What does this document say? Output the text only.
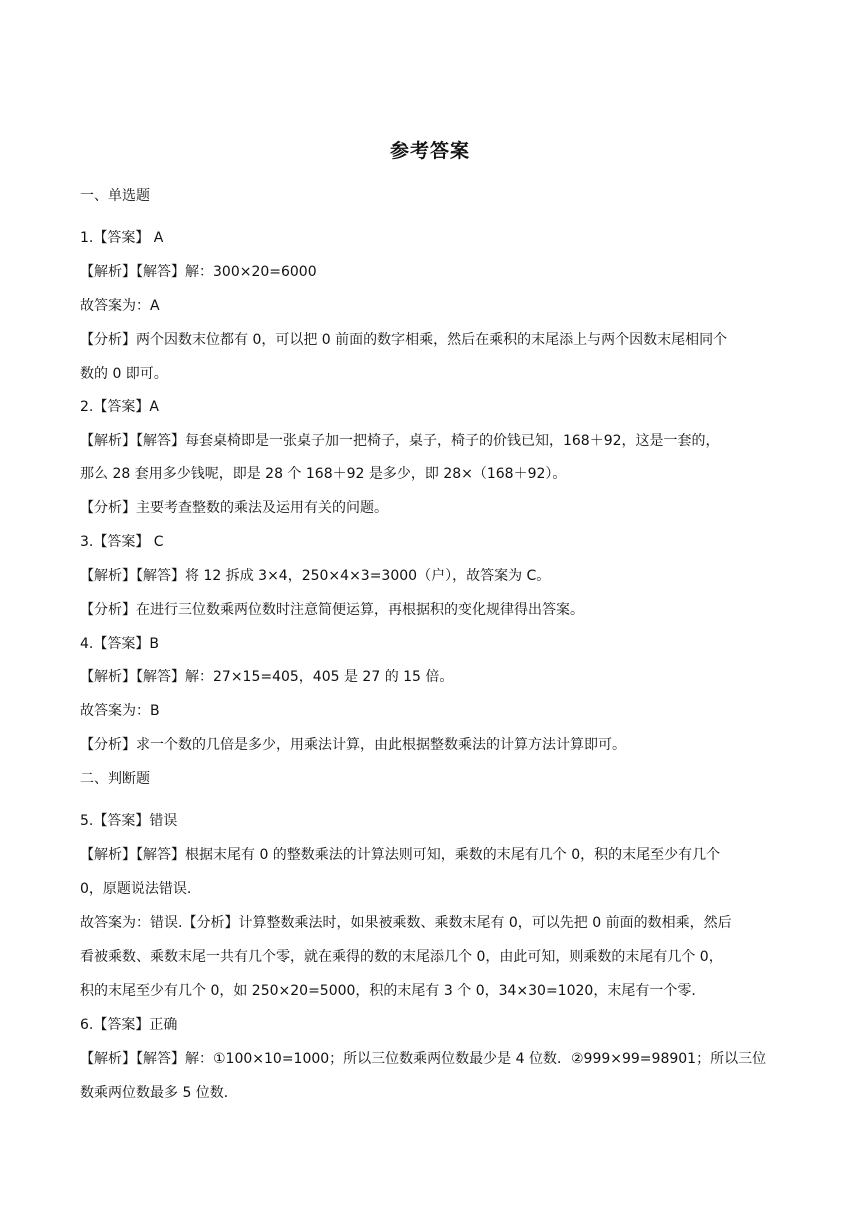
参考答案
一、单选题
1.【答案】 A
【解析】【解答】解：300×20=6000
故答案为：A
【分析】两个因数末位都有 0，可以把 0 前面的数字相乘，然后在乘积的末尾添上与两个因数末尾相同个
数的 0 即可。
2.【答案】A
【解析】【解答】每套桌椅即是一张桌子加一把椅子，桌子，椅子的价钱已知，168＋92，这是一套的，
那么 28 套用多少钱呢，即是 28 个 168＋92 是多少，即 28×（168＋92）。
【分析】主要考查整数的乘法及运用有关的问题。
3.【答案】 C
【解析】【解答】将 12 拆成 3×4，250×4×3=3000（户），故答案为 C。
【分析】在进行三位数乘两位数时注意简便运算，再根据积的变化规律得出答案。
4.【答案】B
【解析】【解答】解：27×15=405，405 是 27 的 15 倍。
故答案为：B
【分析】求一个数的几倍是多少，用乘法计算，由此根据整数乘法的计算方法计算即可。
二、判断题
5.【答案】错误
【解析】【解答】根据末尾有 0 的整数乘法的计算法则可知，乘数的末尾有几个 0，积的末尾至少有几个
0，原题说法错误.
故答案为：错误.【分析】计算整数乘法时，如果被乘数、乘数末尾有 0，可以先把 0 前面的数相乘，然后
看被乘数、乘数末尾一共有几个零，就在乘得的数的末尾添几个 0，由此可知，则乘数的末尾有几个 0，
积的末尾至少有几个 0，如 250×20=5000，积的末尾有 3 个 0，34×30=1020，末尾有一个零.
6.【答案】正确
【解析】【解答】解：①100×10=1000；所以三位数乘两位数最少是 4 位数．②999×99=98901；所以三位
数乘两位数最多 5 位数．
